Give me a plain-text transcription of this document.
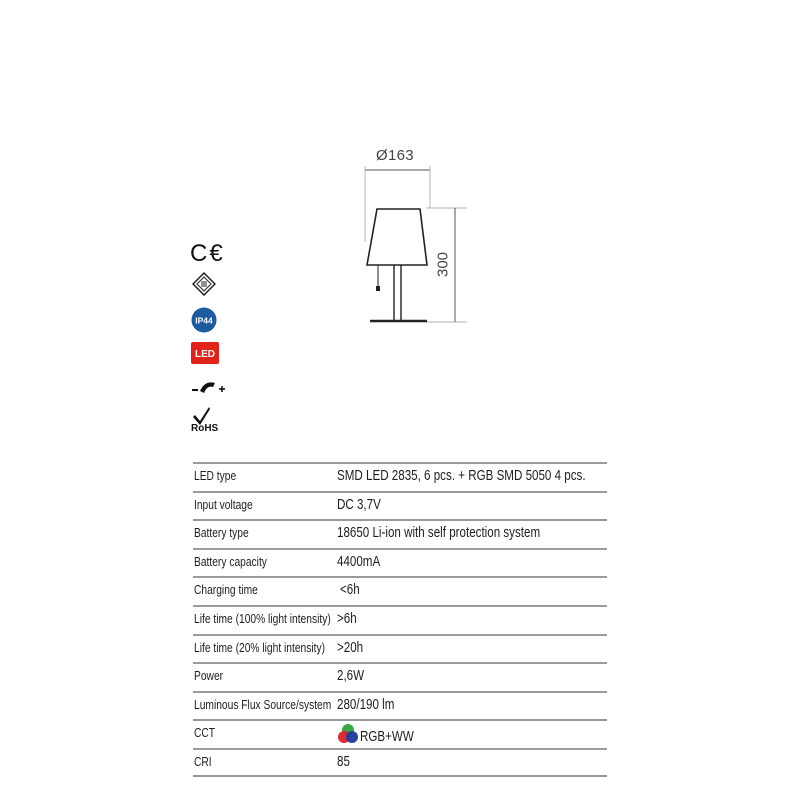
Ø163
300
C€
IP44
LED
RoHS
LED type	SMD LED 2835, 6 pcs. + RGB SMD 5050 4 pcs.
Input voltage	DC 3,7V
Battery type	18650 Li-ion with self protection system
Battery capacity	4400mA
Charging time	<6h
Life time (100% light intensity) >6h
Life time (20% light intensity) >20h
Power	2,6W
Luminous Flux Source/system 280/190 lm
CCT	RGB+WW
CRI	85
